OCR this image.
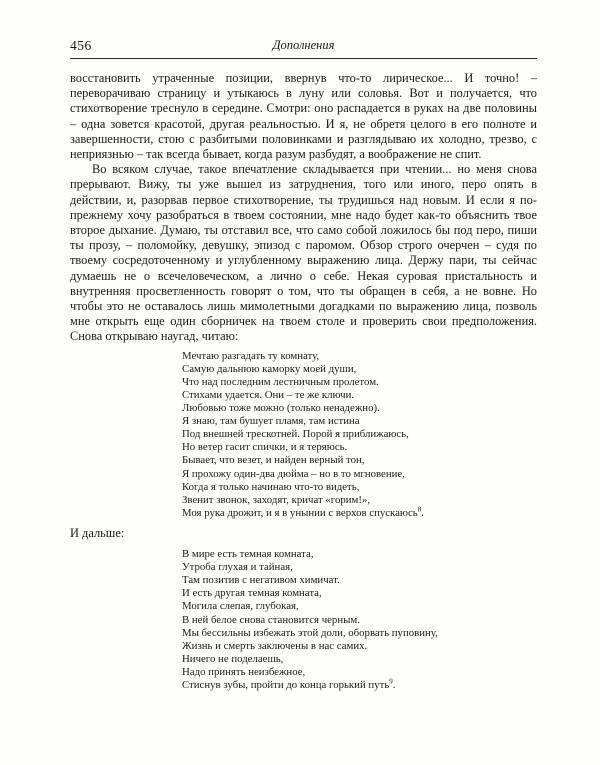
456	Дополнения

восстановить утраченные позиции, ввернув что-то лирическое... И точно! – переворачиваю страницу и утыкаюсь в луну или соловья. Вот и получается, что стихотворение треснуло в середине. Смотри: оно распадается в руках на две половины – одна зовется красотой, другая реальностью. И я, не обретя целого в его полноте и завершенности, стою с разбитыми половинками и разглядываю их холодно, трезво, с неприязнью – так всегда бывает, когда разум разбудят, а воображение не спит.

Во всяком случае, такое впечатление складывается при чтении... но меня снова прерывают. Вижу, ты уже вышел из затруднения, того или иного, перо опять в действии, и, разорвав первое стихотворение, ты трудишься над новым. И если я по-прежнему хочу разобраться в твоем состоянии, мне надо будет как-то объяснить твое второе дыхание. Думаю, ты отставил все, что само собой ложилось бы под перо, пиши ты прозу, – поломойку, девушку, эпизод с паромом. Обзор строго очерчен – судя по твоему сосредоточенному и углубленному выражению лица. Держу пари, ты сейчас думаешь не о всечеловеческом, а лично о себе. Некая суровая пристальность и внутренняя просветленность говорят о том, что ты обращен в себя, а не вовне. Но чтобы это не оставалось лишь мимолетными догадками по выражению лица, позволь мне открыть еще один сборничек на твоем столе и проверить свои предположения. Снова открываю наугад, читаю:

Мечтаю разгадать ту комнату,
Самую дальнюю каморку моей души,
Что над последним лестничным пролетом.
Стихами удается. Они – те же ключи.
Любовью тоже можно (только ненадежно).
Я знаю, там бушует пламя, там истина
Под внешней трескотней. Порой я приближаюсь,
Но ветер гасит спички, и я теряюсь.
Бывает, что везет, и найден верный тон,
Я прохожу один-два дюйма – но в то мгновение,
Когда я только начинаю что-то видеть,
Звенит звонок, заходят, кричат «горим!»,
Моя рука дрожит, и я в унынии с верхов спускаюсь$^8$.

И дальше:

В мире есть темная комната,
Утроба глухая и тайная,
Там позитив с негативом химичат.
И есть другая темная комната,
Могила слепая, глубокая,
В ней белое снова становится черным.
Мы бессильны избежать этой доли, оборвать пуповину,
Жизнь и смерть заключены в нас самих.
Ничего не поделаешь,
Надо принять неизбежное,
Стиснув зубы, пройти до конца горький путь$^9$.
